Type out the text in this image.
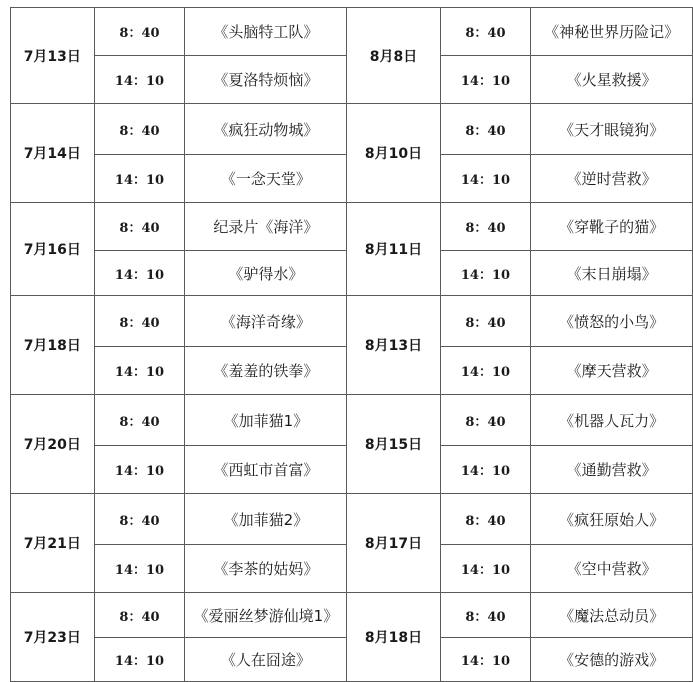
7月13日	8：40	《头脑特工队》	8月8日	8：40	《神秘世界历险记》
	14：10	《夏洛特烦恼》		14：10	《火星救援》
7月14日	8：40	《疯狂动物城》	8月10日	8：40	《天才眼镜狗》
	14：10	《一念天堂》		14：10	《逆时营救》
7月16日	8：40	纪录片《海洋》	8月11日	8：40	《穿靴子的猫》
	14：10	《驴得水》		14：10	《末日崩塌》
7月18日	8：40	《海洋奇缘》	8月13日	8：40	《愤怒的小鸟》
	14：10	《羞羞的铁拳》		14：10	《摩天营救》
7月20日	8：40	《加菲猫1》	8月15日	8：40	《机器人瓦力》
	14：10	《西虹市首富》		14：10	《通勤营救》
7月21日	8：40	《加菲猫2》	8月17日	8：40	《疯狂原始人》
	14：10	《李茶的姑妈》		14：10	《空中营救》
7月23日	8：40	《爱丽丝梦游仙境1》	8月18日	8：40	《魔法总动员》
	14：10	《人在囧途》		14：10	《安德的游戏》
